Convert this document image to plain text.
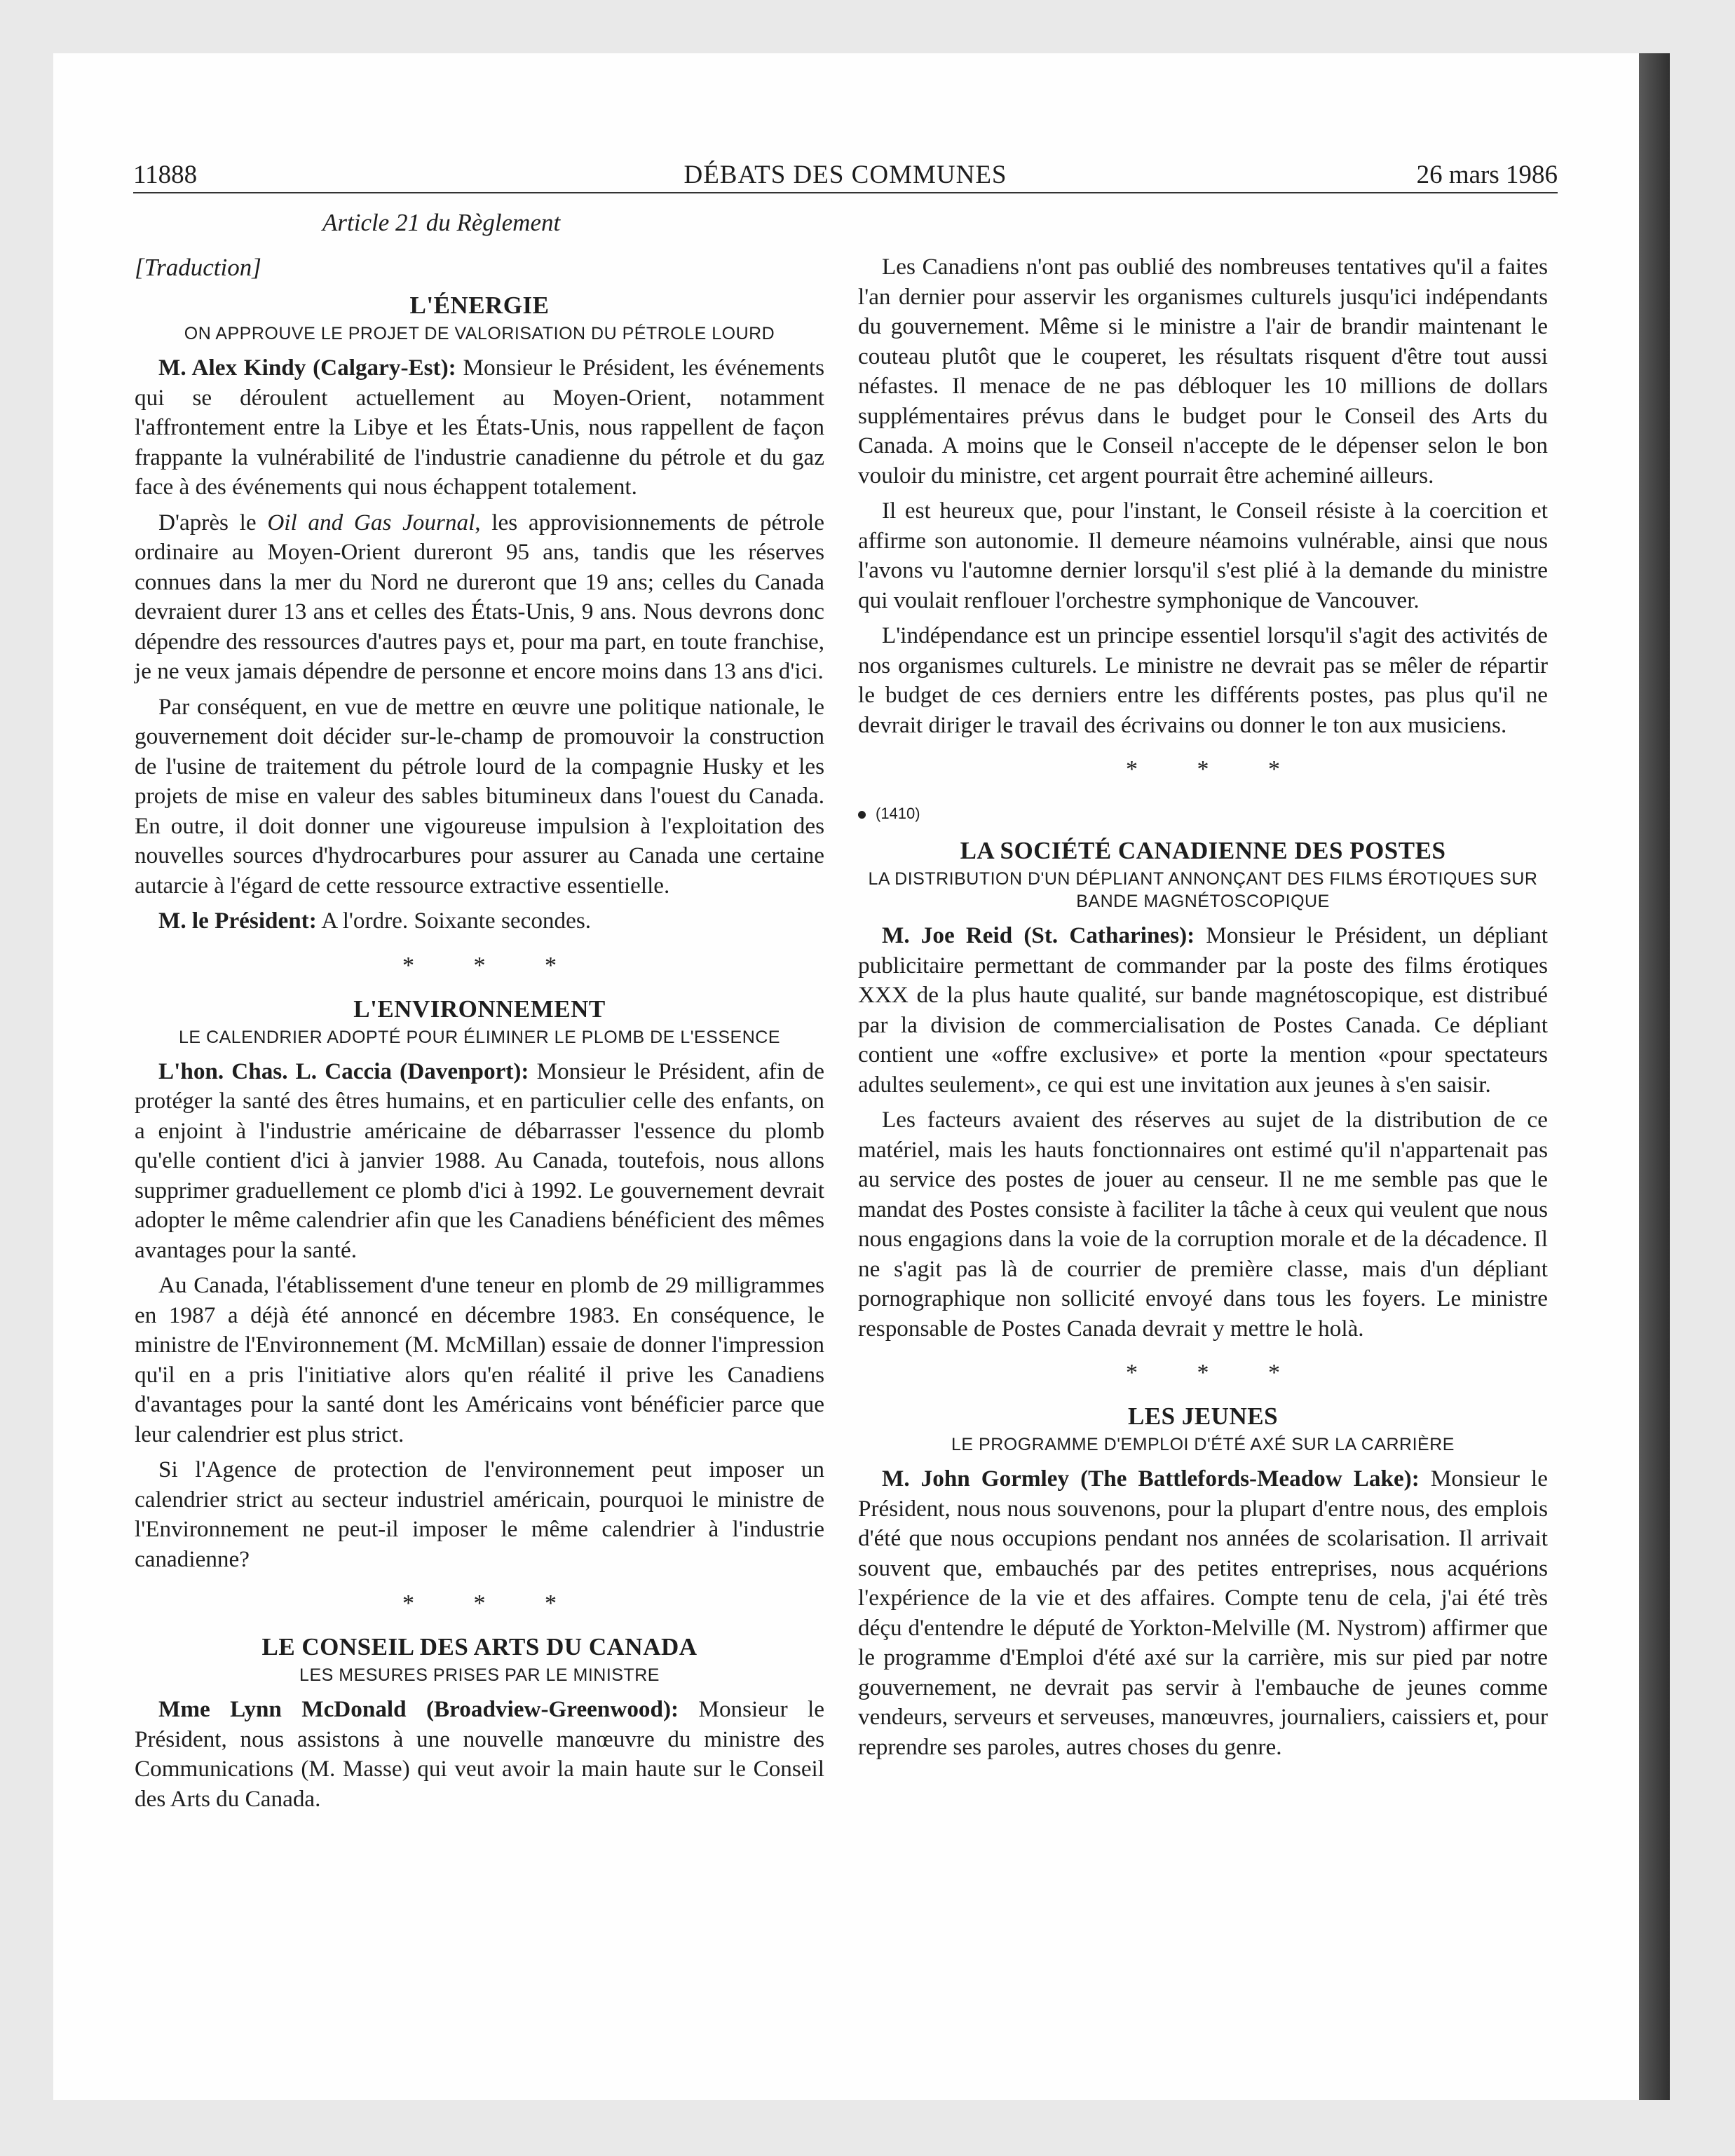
11888	DÉBATS DES COMMUNES	26 mars 1986
Article 21 du Règlement
[Traduction]
L'ÉNERGIE
ON APPROUVE LE PROJET DE VALORISATION DU PÉTROLE LOURD

M. Alex Kindy (Calgary-Est): Monsieur le Président, les événements qui se déroulent actuellement au Moyen-Orient, notamment l'affrontement entre la Libye et les États-Unis, nous rappellent de façon frappante la vulnérabilité de l'industrie canadienne du pétrole et du gaz face à des événements qui nous échappent totalement.

D'après le Oil and Gas Journal, les approvisionnements de pétrole ordinaire au Moyen-Orient dureront 95 ans, tandis que les réserves connues dans la mer du Nord ne dureront que 19 ans; celles du Canada devraient durer 13 ans et celles des États-Unis, 9 ans. Nous devrons donc dépendre des ressources d'autres pays et, pour ma part, en toute franchise, je ne veux jamais dépendre de personne et encore moins dans 13 ans d'ici.

Par conséquent, en vue de mettre en œuvre une politique nationale, le gouvernement doit décider sur-le-champ de promouvoir la construction de l'usine de traitement du pétrole lourd de la compagnie Husky et les projets de mise en valeur des sables bitumineux dans l'ouest du Canada. En outre, il doit donner une vigoureuse impulsion à l'exploitation des nouvelles sources d'hydrocarbures pour assurer au Canada une certaine autarcie à l'égard de cette ressource extractive essentielle.

M. le Président: A l'ordre. Soixante secondes.

* * *
L'ENVIRONNEMENT
LE CALENDRIER ADOPTÉ POUR ÉLIMINER LE PLOMB DE L'ESSENCE

L'hon. Chas. L. Caccia (Davenport): Monsieur le Président, afin de protéger la santé des êtres humains, et en particulier celle des enfants, on a enjoint à l'industrie américaine de débarrasser l'essence du plomb qu'elle contient d'ici à janvier 1988. Au Canada, toutefois, nous allons supprimer graduellement ce plomb d'ici à 1992. Le gouvernement devrait adopter le même calendrier afin que les Canadiens bénéficient des mêmes avantages pour la santé.

Au Canada, l'établissement d'une teneur en plomb de 29 milligrammes en 1987 a déjà été annoncé en décembre 1983. En conséquence, le ministre de l'Environnement (M. McMillan) essaie de donner l'impression qu'il en a pris l'initiative alors qu'en réalité il prive les Canadiens d'avantages pour la santé dont les Américains vont bénéficier parce que leur calendrier est plus strict.

Si l'Agence de protection de l'environnement peut imposer un calendrier strict au secteur industriel américain, pourquoi le ministre de l'Environnement ne peut-il imposer le même calendrier à l'industrie canadienne?

* * *
LE CONSEIL DES ARTS DU CANADA
LES MESURES PRISES PAR LE MINISTRE

Mme Lynn McDonald (Broadview-Greenwood): Monsieur le Président, nous assistons à une nouvelle manœuvre du ministre des Communications (M. Masse) qui veut avoir la main haute sur le Conseil des Arts du Canada.

Les Canadiens n'ont pas oublié des nombreuses tentatives qu'il a faites l'an dernier pour asservir les organismes culturels jusqu'ici indépendants du gouvernement. Même si le ministre a l'air de brandir maintenant le couteau plutôt que le couperet, les résultats risquent d'être tout aussi néfastes. Il menace de ne pas débloquer les 10 millions de dollars supplémentaires prévus dans le budget pour le Conseil des Arts du Canada. A moins que le Conseil n'accepte de le dépenser selon le bon vouloir du ministre, cet argent pourrait être acheminé ailleurs.

Il est heureux que, pour l'instant, le Conseil résiste à la coercition et affirme son autonomie. Il demeure néamoins vulnérable, ainsi que nous l'avons vu l'automne dernier lorsqu'il s'est plié à la demande du ministre qui voulait renflouer l'orchestre symphonique de Vancouver.

L'indépendance est un principe essentiel lorsqu'il s'agit des activités de nos organismes culturels. Le ministre ne devrait pas se mêler de répartir le budget de ces derniers entre les différents postes, pas plus qu'il ne devrait diriger le travail des écrivains ou donner le ton aux musiciens.

* * *
(1410)
LA SOCIÉTÉ CANADIENNE DES POSTES
LA DISTRIBUTION D'UN DÉPLIANT ANNONÇANT DES FILMS ÉROTIQUES SUR BANDE MAGNÉTOSCOPIQUE

M. Joe Reid (St. Catharines): Monsieur le Président, un dépliant publicitaire permettant de commander par la poste des films érotiques XXX de la plus haute qualité, sur bande magnétoscopique, est distribué par la division de commercialisation de Postes Canada. Ce dépliant contient une «offre exclusive» et porte la mention «pour spectateurs adultes seulement», ce qui est une invitation aux jeunes à s'en saisir.

Les facteurs avaient des réserves au sujet de la distribution de ce matériel, mais les hauts fonctionnaires ont estimé qu'il n'appartenait pas au service des postes de jouer au censeur. Il ne me semble pas que le mandat des Postes consiste à faciliter la tâche à ceux qui veulent que nous nous engagions dans la voie de la corruption morale et de la décadence. Il ne s'agit pas là de courrier de première classe, mais d'un dépliant pornographique non sollicité envoyé dans tous les foyers. Le ministre responsable de Postes Canada devrait y mettre le holà.

* * *
LES JEUNES
LE PROGRAMME D'EMPLOI D'ÉTÉ AXÉ SUR LA CARRIÈRE

M. John Gormley (The Battlefords-Meadow Lake): Monsieur le Président, nous nous souvenons, pour la plupart d'entre nous, des emplois d'été que nous occupions pendant nos années de scolarisation. Il arrivait souvent que, embauchés par des petites entreprises, nous acquérions l'expérience de la vie et des affaires. Compte tenu de cela, j'ai été très déçu d'entendre le député de Yorkton-Melville (M. Nystrom) affirmer que le programme d'Emploi d'été axé sur la carrière, mis sur pied par notre gouvernement, ne devrait pas servir à l'embauche de jeunes comme vendeurs, serveurs et serveuses, manœuvres, journaliers, caissiers et, pour reprendre ses paroles, autres choses du genre.
